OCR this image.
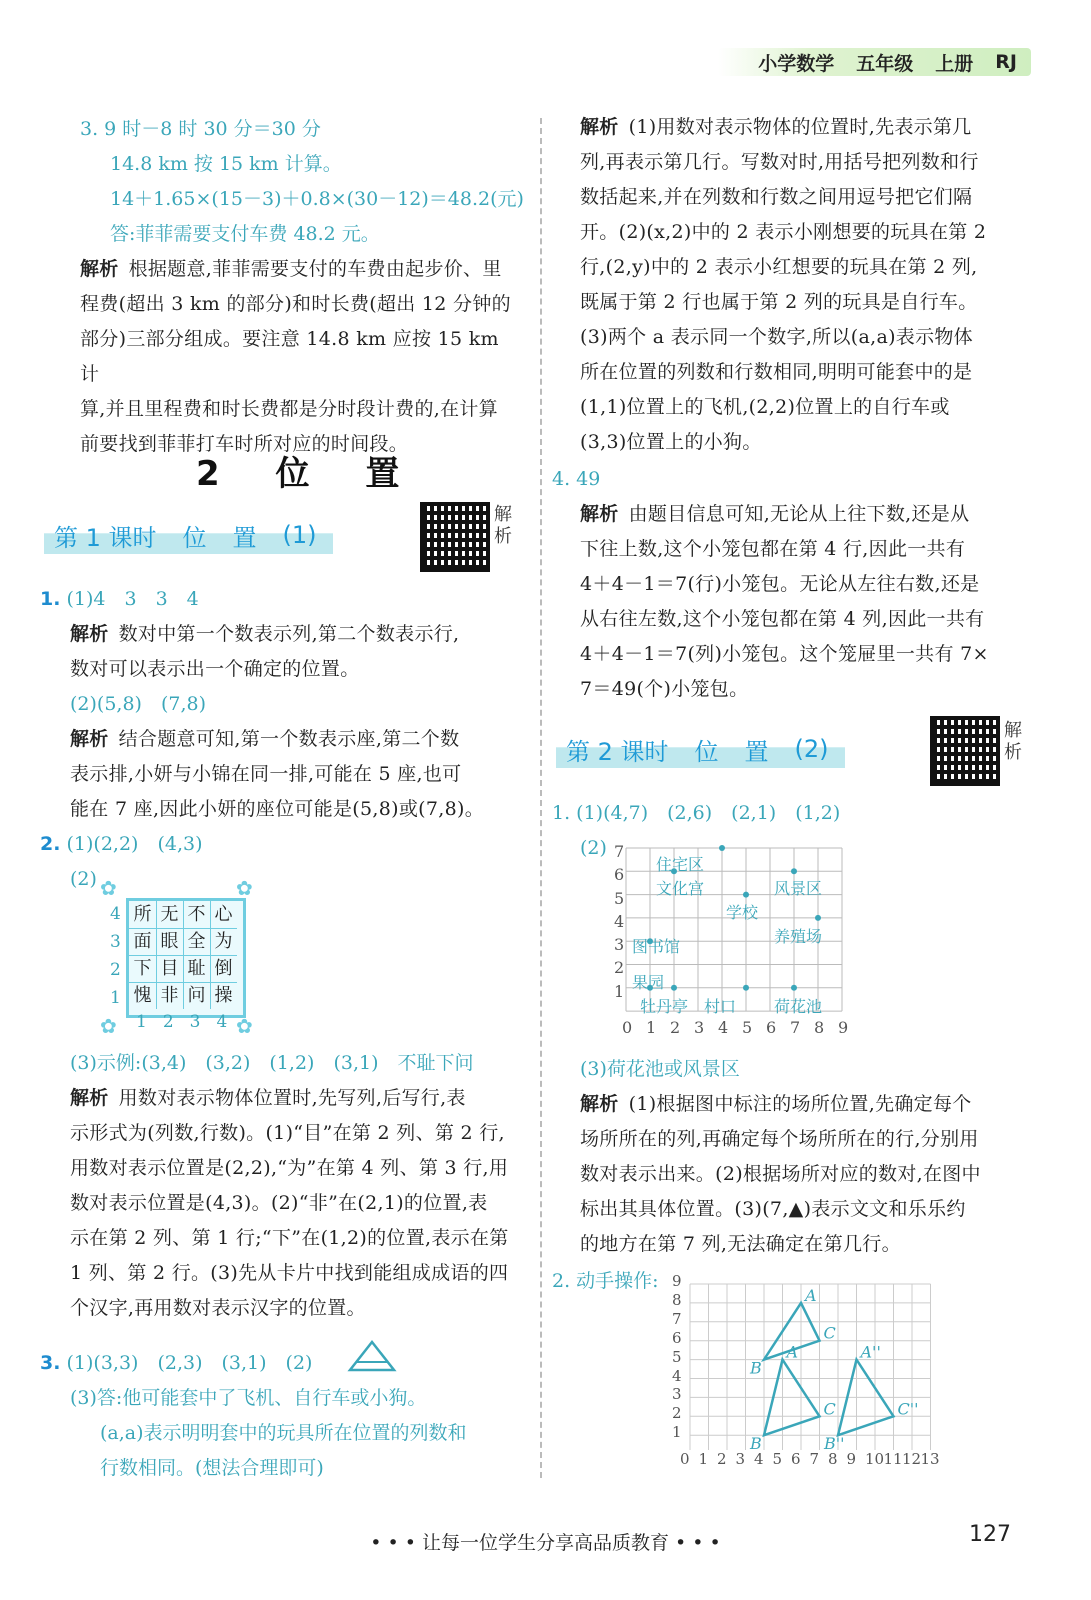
小学数学 五年级 上册 RJ
3. 9 时－8 时 30 分＝30 分
14.8 km 按 15 km 计算。
14＋1.65×(15－3)＋0.8×(30－12)＝48.2(元)
答:菲菲需要支付车费 48.2 元。
解析 根据题意,菲菲需要支付的车费由起步价、里
程费(超出 3 km 的部分)和时长费(超出 12 分钟的
部分)三部分组成。要注意 14.8 km 应按 15 km 计
算,并且里程费和时长费都是分时段计费的,在计算
前要找到菲菲打车时所对应的时间段。
2 位 置
第 1 课时 位 置 (1)
解析
1. (1)4　3　3　4
解析 数对中第一个数表示列,第二个数表示行,
数对可以表示出一个确定的位置。
(2)(5,8)　(7,8)
解析 结合题意可知,第一个数表示座,第二个数
表示排,小妍与小锦在同一排,可能在 5 座,也可
能在 7 座,因此小妍的座位可能是(5,8)或(7,8)。
2. (1)(2,2)　(4,3)
(2)
所 无 不 心
面 眼 全 为
下 目 耻 倒
愧 非 问 操
4
3
2
1
1 2 3 4
✿	✿
✿	✿
(3)示例:(3,4)　(3,2)　(1,2)　(3,1)　不耻下问
解析 用数对表示物体位置时,先写列,后写行,表
示形式为(列数,行数)。(1)“目”在第 2 列、第 2 行,
用数对表示位置是(2,2),“为”在第 4 列、第 3 行,用
数对表示位置是(4,3)。(2)“非”在(2,1)的位置,表
示在第 2 列、第 1 行;“下”在(1,2)的位置,表示在第
1 列、第 2 行。(3)先从卡片中找到能组成成语的四
个汉字,再用数对表示汉字的位置。
3. (1)(3,3)　(2,3)　(3,1)　(2)
(3)答:他可能套中了飞机、自行车或小狗。
(a,a)表示明明套中的玩具所在位置的列数和
行数相同。(想法合理即可)
解析 (1)用数对表示物体的位置时,先表示第几
列,再表示第几行。写数对时,用括号把列数和行
数括起来,并在列数和行数之间用逗号把它们隔
开。(2)(x,2)中的 2 表示小刚想要的玩具在第 2
行,(2,y)中的 2 表示小红想要的玩具在第 2 列,
既属于第 2 行也属于第 2 列的玩具是自行车。
(3)两个 a 表示同一个数字,所以(a,a)表示物体
所在位置的列数和行数相同,明明可能套中的是
(1,1)位置上的飞机,(2,2)位置上的自行车或
(3,3)位置上的小狗。
4. 49
解析 由题目信息可知,无论从上往下数,还是从
下往上数,这个小笼包都在第 4 行,因此一共有
4＋4－1＝7(行)小笼包。无论从左往右数,还是
从右往左数,这个小笼包都在第 4 列,因此一共有
4＋4－1＝7(列)小笼包。这个笼屉里一共有 7×
7＝49(个)小笼包。
第 2 课时 位 置 (2)
解析
1. (1)(4,7)　(2,6)　(2,1)　(1,2)
(2)
住宅区
文化宫	风景区
学校
养殖场
图书馆
果园
牡丹亭 村口 荷花池
0 1 2 3 4 5 6 7 8 9
7
6
5
4
3
2
1
(3)荷花池或风景区
解析 (1)根据图中标注的场所位置,先确定每个
场所所在的列,再确定每个场所所在的行,分别用
数对表示出来。(2)根据场所对应的数对,在图中
标出其具体位置。(3)(7,▲)表示文文和乐乐约
的地方在第 7 列,无法确定在第几行。
2. 动手操作:
A
B
C
A
B
C
A''
B''
C''
0 1 2 3 4 5 6 7 8 9 10 11 12 13
9
8
7
6
5
4
3
2
1
• • • 让每一位学生分享高品质教育 • • •	127
